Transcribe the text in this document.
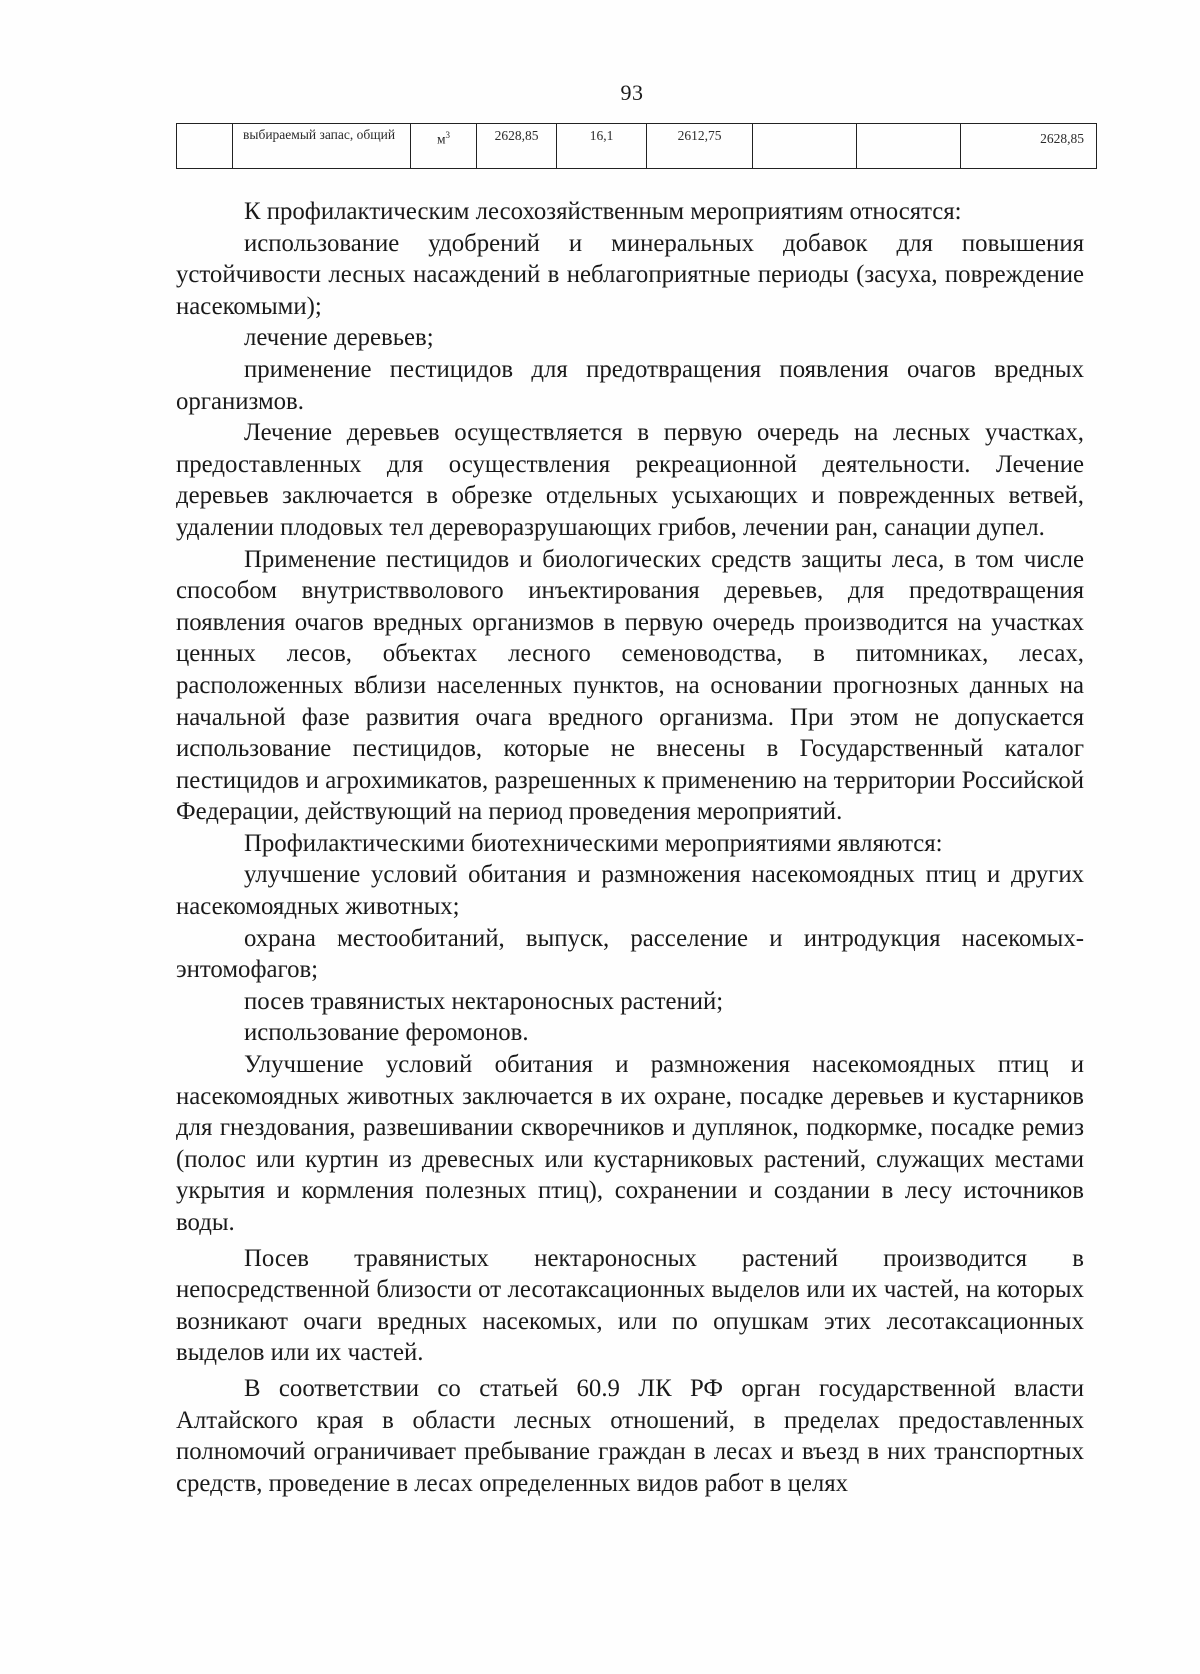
93
	выбираемый запас, общий	$м^3$	2628,85	16,1	2612,75			2628,85

К профилактическим лесохозяйственным мероприятиям относятся:

использование удобрений и минеральных добавок для повышения устойчивости лесных насаждений в неблагоприятные периоды (засуха, повреждение насекомыми);

лечение деревьев;

применение пестицидов для предотвращения появления очагов вредных организмов.

Лечение деревьев осуществляется в первую очередь на лесных участках, предоставленных для осуществления рекреационной деятельности. Лечение деревьев заключается в обрезке отдельных усыхающих и поврежденных ветвей, удалении плодовых тел дереворазрушающих грибов, лечении ран, санации дупел.

Применение пестицидов и биологических средств защиты леса, в том числе способом внутриствволового инъектирования деревьев, для предотвращения появления очагов вредных организмов в первую очередь производится на участках ценных лесов, объектах лесного семеноводства, в питомниках, лесах, расположенных вблизи населенных пунктов, на основании прогнозных данных на начальной фазе развития очага вредного организма. При этом не допускается использование пестицидов, которые не внесены в Государственный каталог пестицидов и агрохимикатов, разрешенных к применению на территории Российской Федерации, действующий на период проведения мероприятий.

Профилактическими биотехническими мероприятиями являются:

улучшение условий обитания и размножения насекомоядных птиц и других насекомоядных животных;

охрана местообитаний, выпуск, расселение и интродукция насекомых-энтомофагов;

посев травянистых нектароносных растений;

использование феромонов.

Улучшение условий обитания и размножения насекомоядных птиц и насекомоядных животных заключается в их охране, посадке деревьев и кустарников для гнездования, развешивании скворечников и дуплянок, подкормке, посадке ремиз (полос или куртин из древесных или кустарниковых растений, служащих местами укрытия и кормления полезных птиц), сохранении и создании в лесу источников воды.

Посев травянистых нектароносных растений производится в непосредственной близости от лесотаксационных выделов или их частей, на которых возникают очаги вредных насекомых, или по опушкам этих лесотаксационных выделов или их частей.

В соответствии со статьей 60.9 ЛК РФ орган государственной власти Алтайского края в области лесных отношений, в пределах предоставленных полномочий ограничивает пребывание граждан в лесах и въезд в них транспортных средств, проведение в лесах определенных видов работ в целях
